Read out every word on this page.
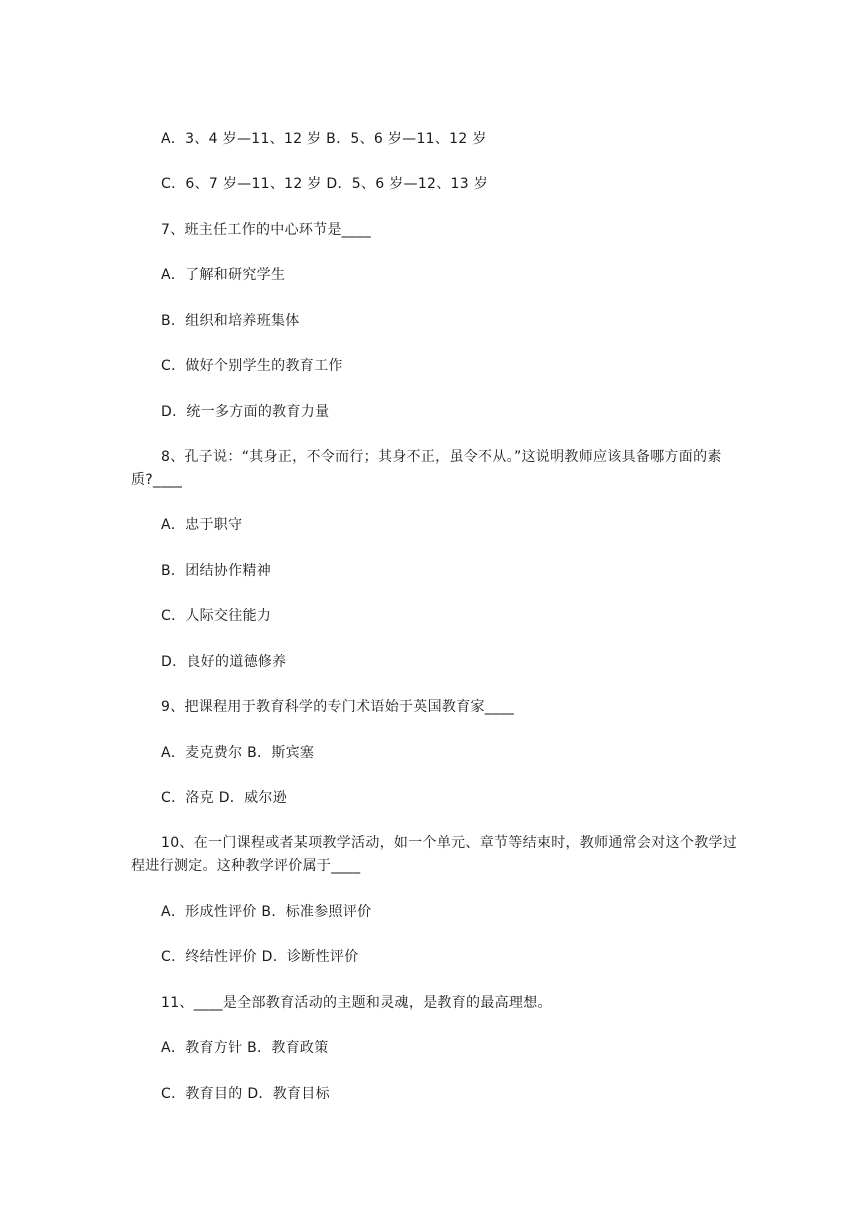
A．3、4 岁—11、12 岁 B．5、6 岁—11、12 岁
C．6、7 岁—11、12 岁 D．5、6 岁—12、13 岁
7、班主任工作的中心环节是____
A．了解和研究学生
B．组织和培养班集体
C．做好个别学生的教育工作
D．统一多方面的教育力量
8、孔子说：“其身正，不令而行；其身不正，虽令不从。”这说明教师应该具备哪方面的素质?____
A．忠于职守
B．团结协作精神
C．人际交往能力
D．良好的道德修养
9、把课程用于教育科学的专门术语始于英国教育家____
A．麦克费尔 B．斯宾塞
C．洛克 D．威尔逊
10、在一门课程或者某项教学活动，如一个单元、章节等结束时，教师通常会对这个教学过程进行测定。这种教学评价属于____
A．形成性评价 B．标准参照评价
C．终结性评价 D．诊断性评价
11、____是全部教育活动的主题和灵魂，是教育的最高理想。
A．教育方针 B．教育政策
C．教育目的 D．教育目标
